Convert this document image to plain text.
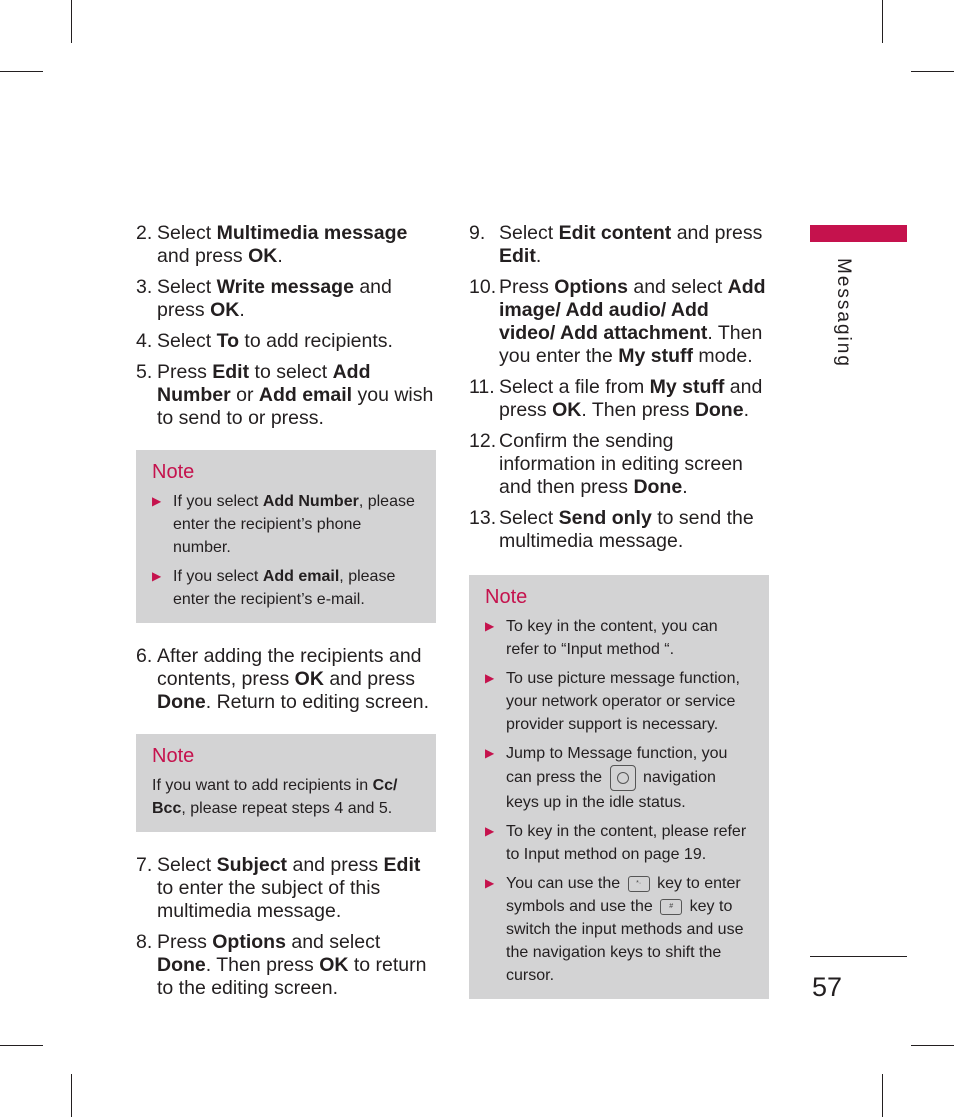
2. Select Multimedia message and press OK.
3. Select Write message and press OK.
4. Select To to add recipients.
5. Press Edit to select Add Number or Add email you wish to send to or press.
Note
▶ If you select Add Number, please enter the recipient’s phone number.
▶ If you select Add email, please enter the recipient’s e-mail.
6. After adding the recipients and contents, press OK and press Done. Return to editing screen.
Note

If you want to add recipients in Cc/ Bcc, please repeat steps 4 and 5.

7. Select Subject and press Edit to enter the subject of this multimedia message.
8. Press Options and select Done. Then press OK to return to the editing screen.
9. Select Edit content and press Edit.
10. Press Options and select Add image/ Add audio/ Add video/ Add attachment. Then you enter the My stuff mode.
11. Select a file from My stuff and press OK. Then press Done.
12. Confirm the sending information in editing screen and then press Done.
13. Select Send only to send the multimedia message.
Note
▶ To key in the content, you can refer to “Input method “.
▶ To use picture message function, your network operator or service provider support is necessary.
▶ Jump to Message function, you can press the  navigation keys up in the idle status.
▶ To key in the content, please refer to Input method on page 19.
▶ You can use the *· key to enter symbols and use the # key to switch the input methods and use the navigation keys to shift the cursor.
Messaging
57
